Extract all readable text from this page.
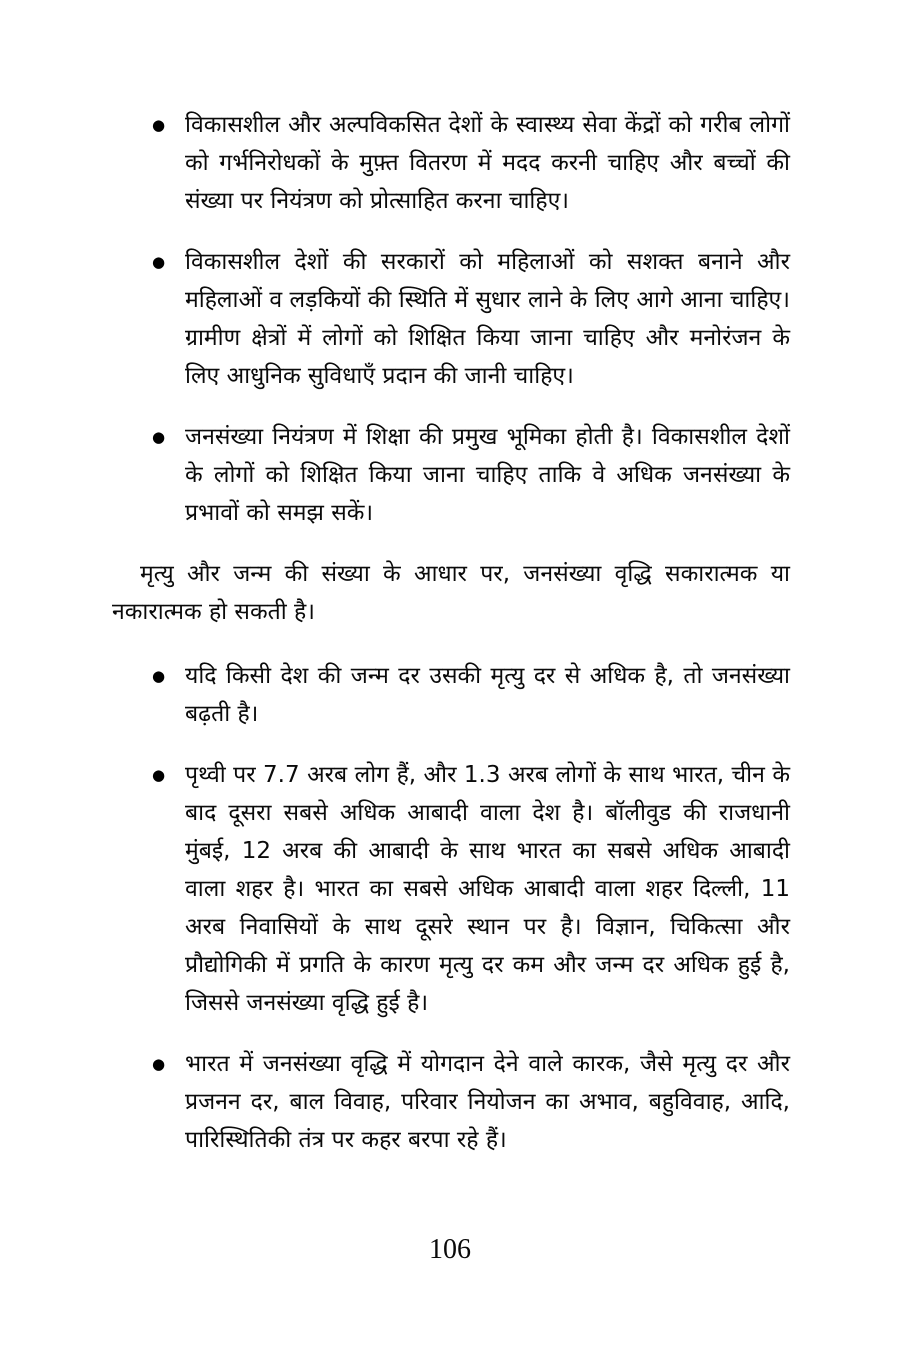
● विकासशील और अल्पविकसित देशों के स्वास्थ्य सेवा केंद्रों को गरीब लोगों को गर्भनिरोधकों के मुफ़्त वितरण में मदद करनी चाहिए और बच्चों की संख्या पर नियंत्रण को प्रोत्साहित करना चाहिए।
● विकासशील देशों की सरकारों को महिलाओं को सशक्त बनाने और महिलाओं व लड़कियों की स्थिति में सुधार लाने के लिए आगे आना चाहिए। ग्रामीण क्षेत्रों में लोगों को शिक्षित किया जाना चाहिए और मनोरंजन के लिए आधुनिक सुविधाएँ प्रदान की जानी चाहिए।
● जनसंख्या नियंत्रण में शिक्षा की प्रमुख भूमिका होती है। विकासशील देशों के लोगों को शिक्षित किया जाना चाहिए ताकि वे अधिक जनसंख्या के प्रभावों को समझ सकें।

मृत्यु और जन्म की संख्या के आधार पर, जनसंख्या वृद्धि सकारात्मक या नकारात्मक हो सकती है।

● यदि किसी देश की जन्म दर उसकी मृत्यु दर से अधिक है, तो जनसंख्या बढ़ती है।
● पृथ्वी पर 7.7 अरब लोग हैं, और 1.3 अरब लोगों के साथ भारत, चीन के बाद दूसरा सबसे अधिक आबादी वाला देश है। बॉलीवुड की राजधानी मुंबई, 12 अरब की आबादी के साथ भारत का सबसे अधिक आबादी वाला शहर है। भारत का सबसे अधिक आबादी वाला शहर दिल्ली, 11 अरब निवासियों के साथ दूसरे स्थान पर है। विज्ञान, चिकित्सा और प्रौद्योगिकी में प्रगति के कारण मृत्यु दर कम और जन्म दर अधिक हुई है, जिससे जनसंख्या वृद्धि हुई है।
● भारत में जनसंख्या वृद्धि में योगदान देने वाले कारक, जैसे मृत्यु दर और प्रजनन दर, बाल विवाह, परिवार नियोजन का अभाव, बहुविवाह, आदि, पारिस्थितिकी तंत्र पर कहर बरपा रहे हैं।
106
